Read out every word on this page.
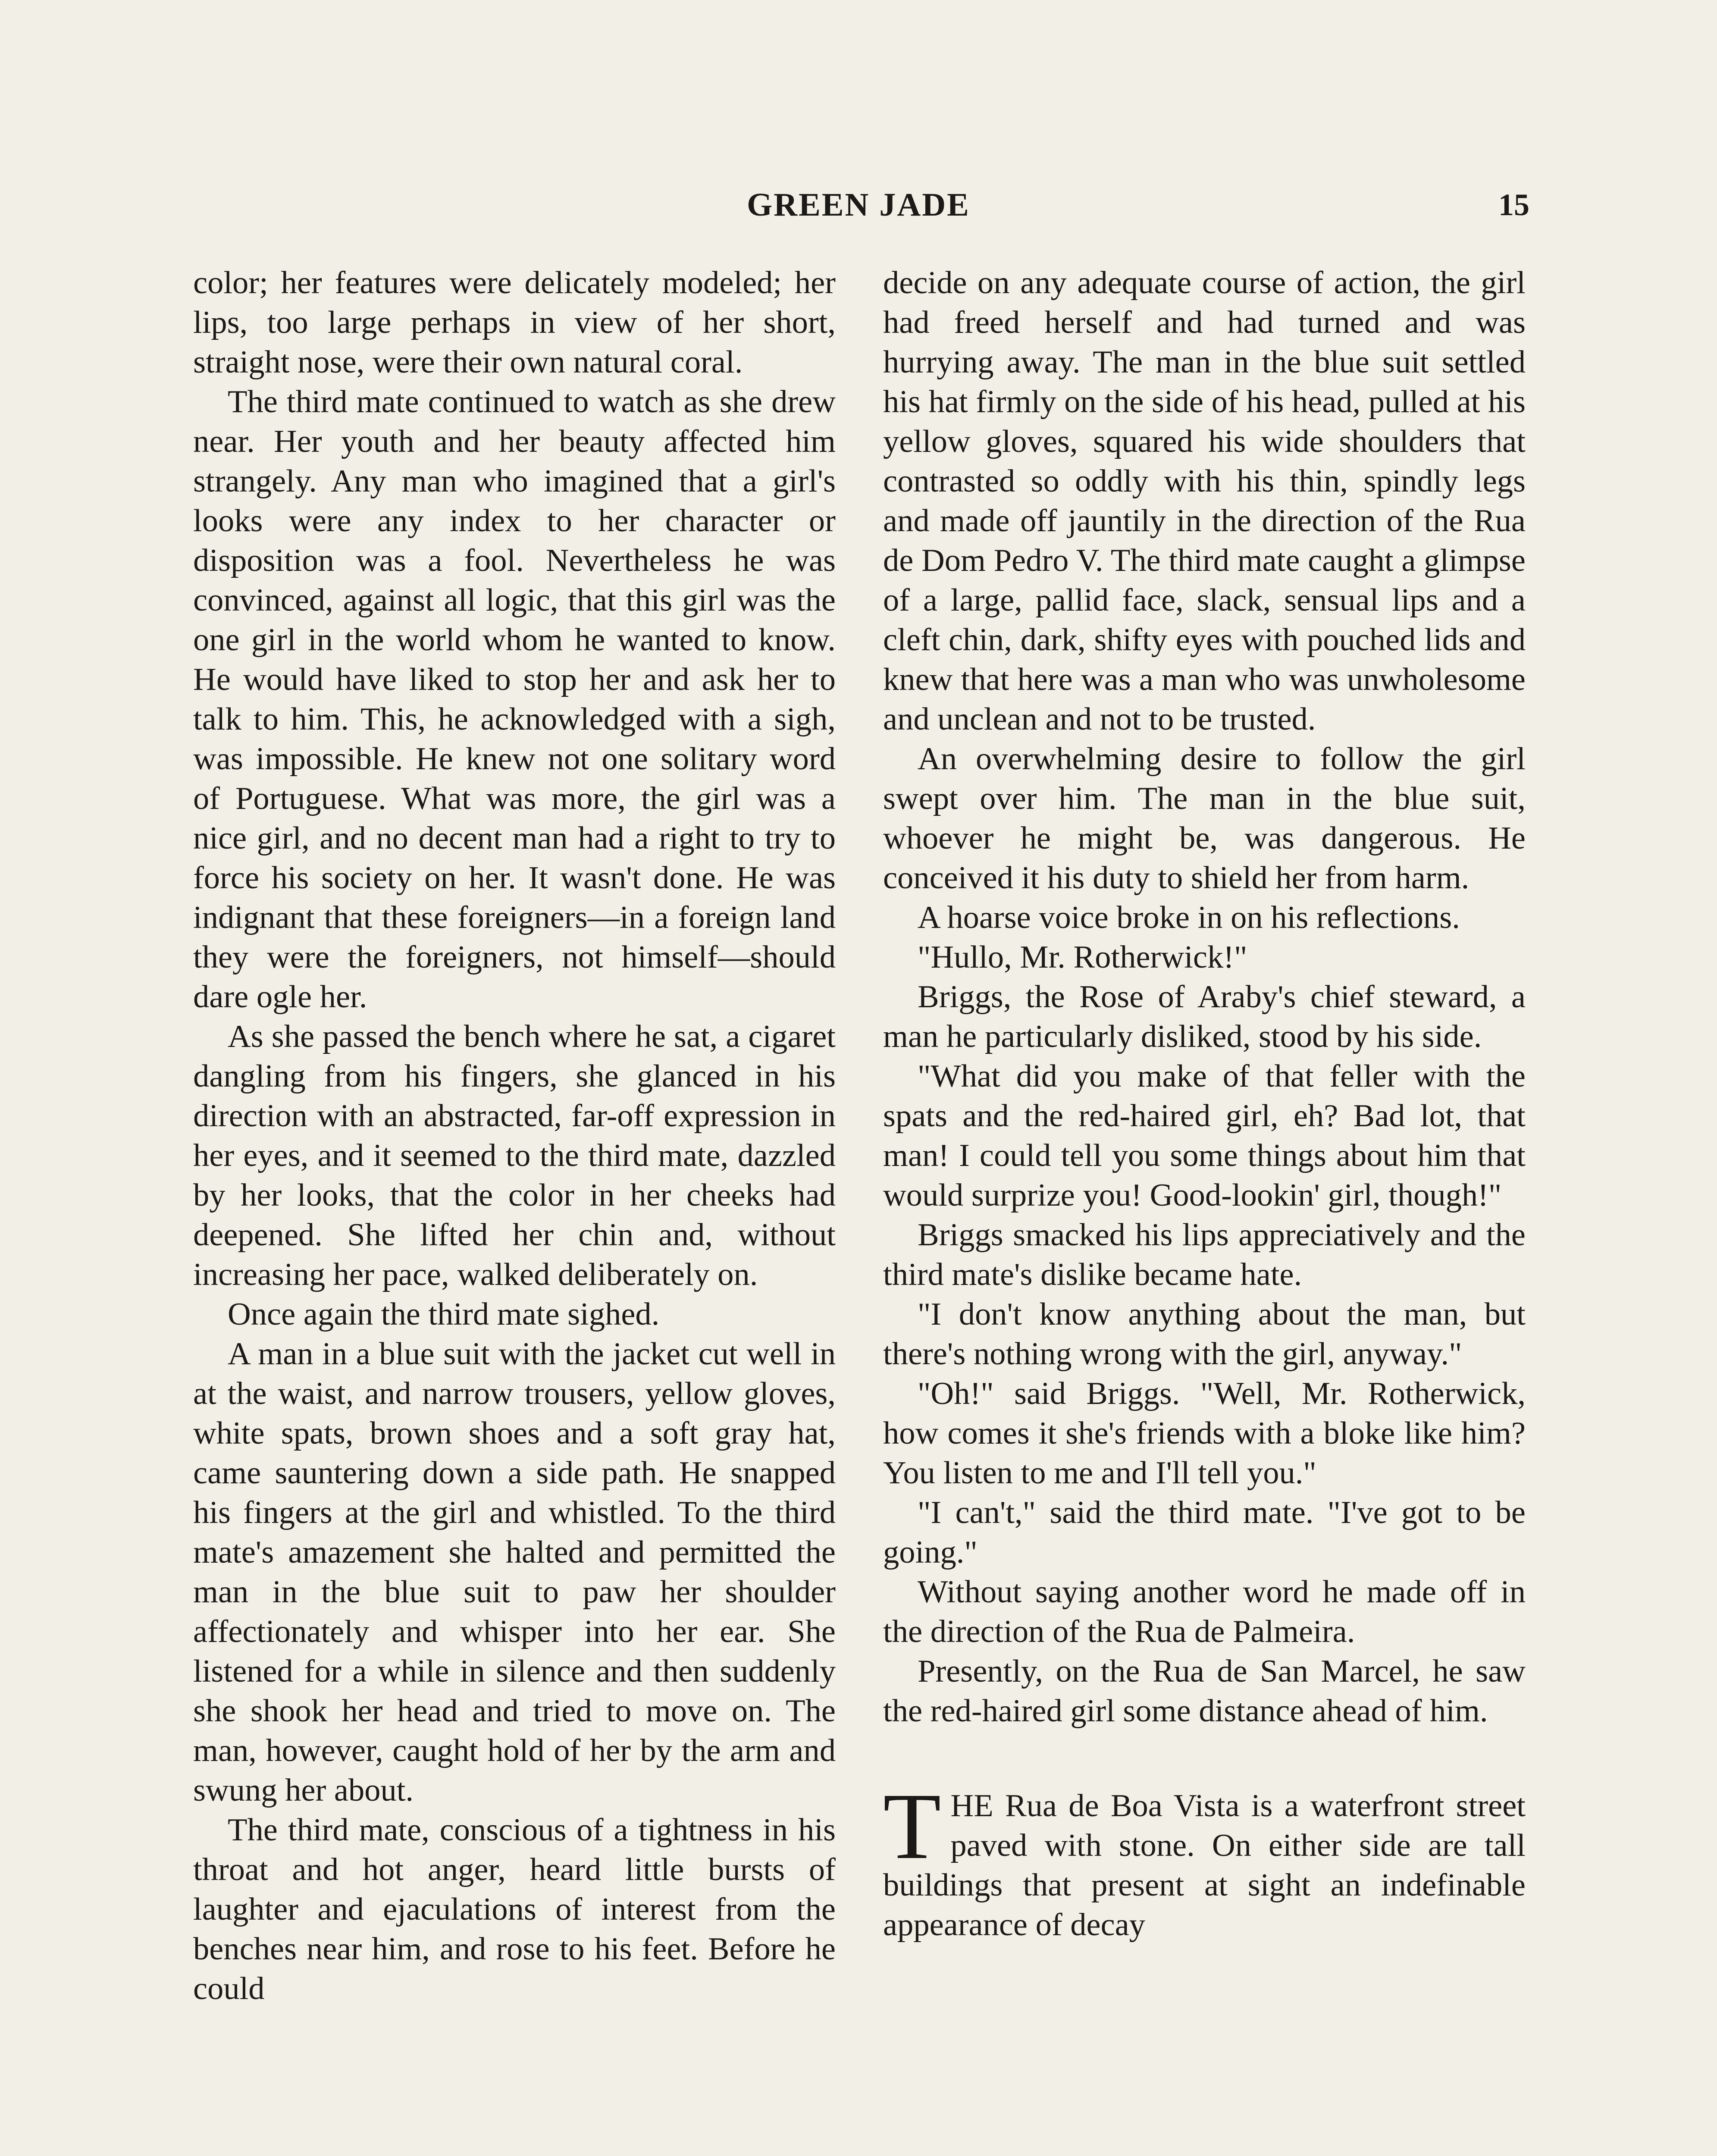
GREEN JADE	15

color; her features were delicately modeled; her lips, too large perhaps in view of her short, straight nose, were their own natural coral.

The third mate continued to watch as she drew near. Her youth and her beauty affected him strangely. Any man who imagined that a girl's looks were any index to her character or disposition was a fool. Nevertheless he was convinced, against all logic, that this girl was the one girl in the world whom he wanted to know. He would have liked to stop her and ask her to talk to him. This, he acknowledged with a sigh, was impossible. He knew not one solitary word of Portuguese. What was more, the girl was a nice girl, and no decent man had a right to try to force his society on her. It wasn't done. He was indignant that these foreigners—in a foreign land they were the foreigners, not himself—should dare ogle her.

As she passed the bench where he sat, a cigaret dangling from his fingers, she glanced in his direction with an abstracted, far-off expression in her eyes, and it seemed to the third mate, dazzled by her looks, that the color in her cheeks had deepened. She lifted her chin and, without increasing her pace, walked deliberately on.

Once again the third mate sighed.

A man in a blue suit with the jacket cut well in at the waist, and narrow trousers, yellow gloves, white spats, brown shoes and a soft gray hat, came sauntering down a side path. He snapped his fingers at the girl and whistled. To the third mate's amazement she halted and permitted the man in the blue suit to paw her shoulder affectionately and whisper into her ear. She listened for a while in silence and then suddenly she shook her head and tried to move on. The man, however, caught hold of her by the arm and swung her about.

The third mate, conscious of a tightness in his throat and hot anger, heard little bursts of laughter and ejaculations of interest from the benches near him, and rose to his feet. Before he could

decide on any adequate course of action, the girl had freed herself and had turned and was hurrying away. The man in the blue suit settled his hat firmly on the side of his head, pulled at his yellow gloves, squared his wide shoulders that contrasted so oddly with his thin, spindly legs and made off jauntily in the direction of the Rua de Dom Pedro V. The third mate caught a glimpse of a large, pallid face, slack, sensual lips and a cleft chin, dark, shifty eyes with pouched lids and knew that here was a man who was unwholesome and unclean and not to be trusted.

An overwhelming desire to follow the girl swept over him. The man in the blue suit, whoever he might be, was dangerous. He conceived it his duty to shield her from harm.

A hoarse voice broke in on his reflections.

"Hullo, Mr. Rotherwick!"

Briggs, the Rose of Araby's chief steward, a man he particularly disliked, stood by his side.

"What did you make of that feller with the spats and the red-haired girl, eh? Bad lot, that man! I could tell you some things about him that would surprize you! Good-lookin' girl, though!"

Briggs smacked his lips appreciatively and the third mate's dislike became hate.

"I don't know anything about the man, but there's nothing wrong with the girl, anyway."

"Oh!" said Briggs. "Well, Mr. Rotherwick, how comes it she's friends with a bloke like him? You listen to me and I'll tell you."

"I can't," said the third mate. "I've got to be going."

Without saying another word he made off in the direction of the Rua de Palmeira.

Presently, on the Rua de San Marcel, he saw the red-haired girl some distance ahead of him.

THE Rua de Boa Vista is a waterfront street paved with stone. On either side are tall buildings that present at sight an indefinable appearance of decay
